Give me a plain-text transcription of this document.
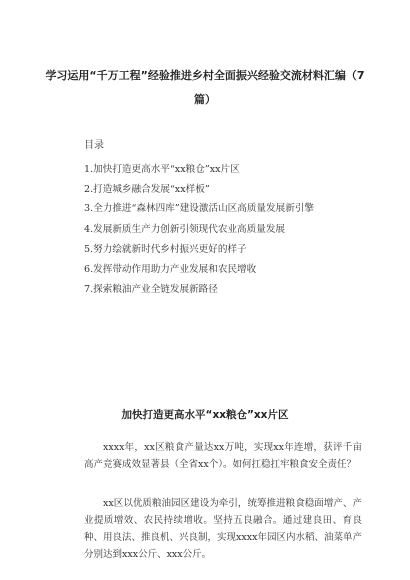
学习运用“千万工程”经验推进乡村全面振兴经验交流材料汇编（7篇）
目录
1.加快打造更高水平“xx粮仓”xx片区
2.打造城乡融合发展“xx样板”
3.全力推进“森林四库”建设激活山区高质量发展新引擎
4.发展新质生产力创新引领现代农业高质量发展
5.努力绘就新时代乡村振兴更好的样子
6.发挥带动作用助力产业发展和农民增收
7.探索粮油产业全链发展新路径
加快打造更高水平“xx粮仓”xx片区

xxxx年，xx区粮食产量达xx万吨，实现xx年连增，获评千亩高产竞赛成效显著县（全省xx个）。如何扛稳扛牢粮食安全责任？

xx区以优质粮油园区建设为牵引，统筹推进粮食稳面增产、产业提质增效、农民持续增收。坚持五良融合。通过建良田、育良种、用良法、推良机、兴良制，实现xxxx年园区内水稻、油菜单产分别达到xxx公斤、xxx公斤。
